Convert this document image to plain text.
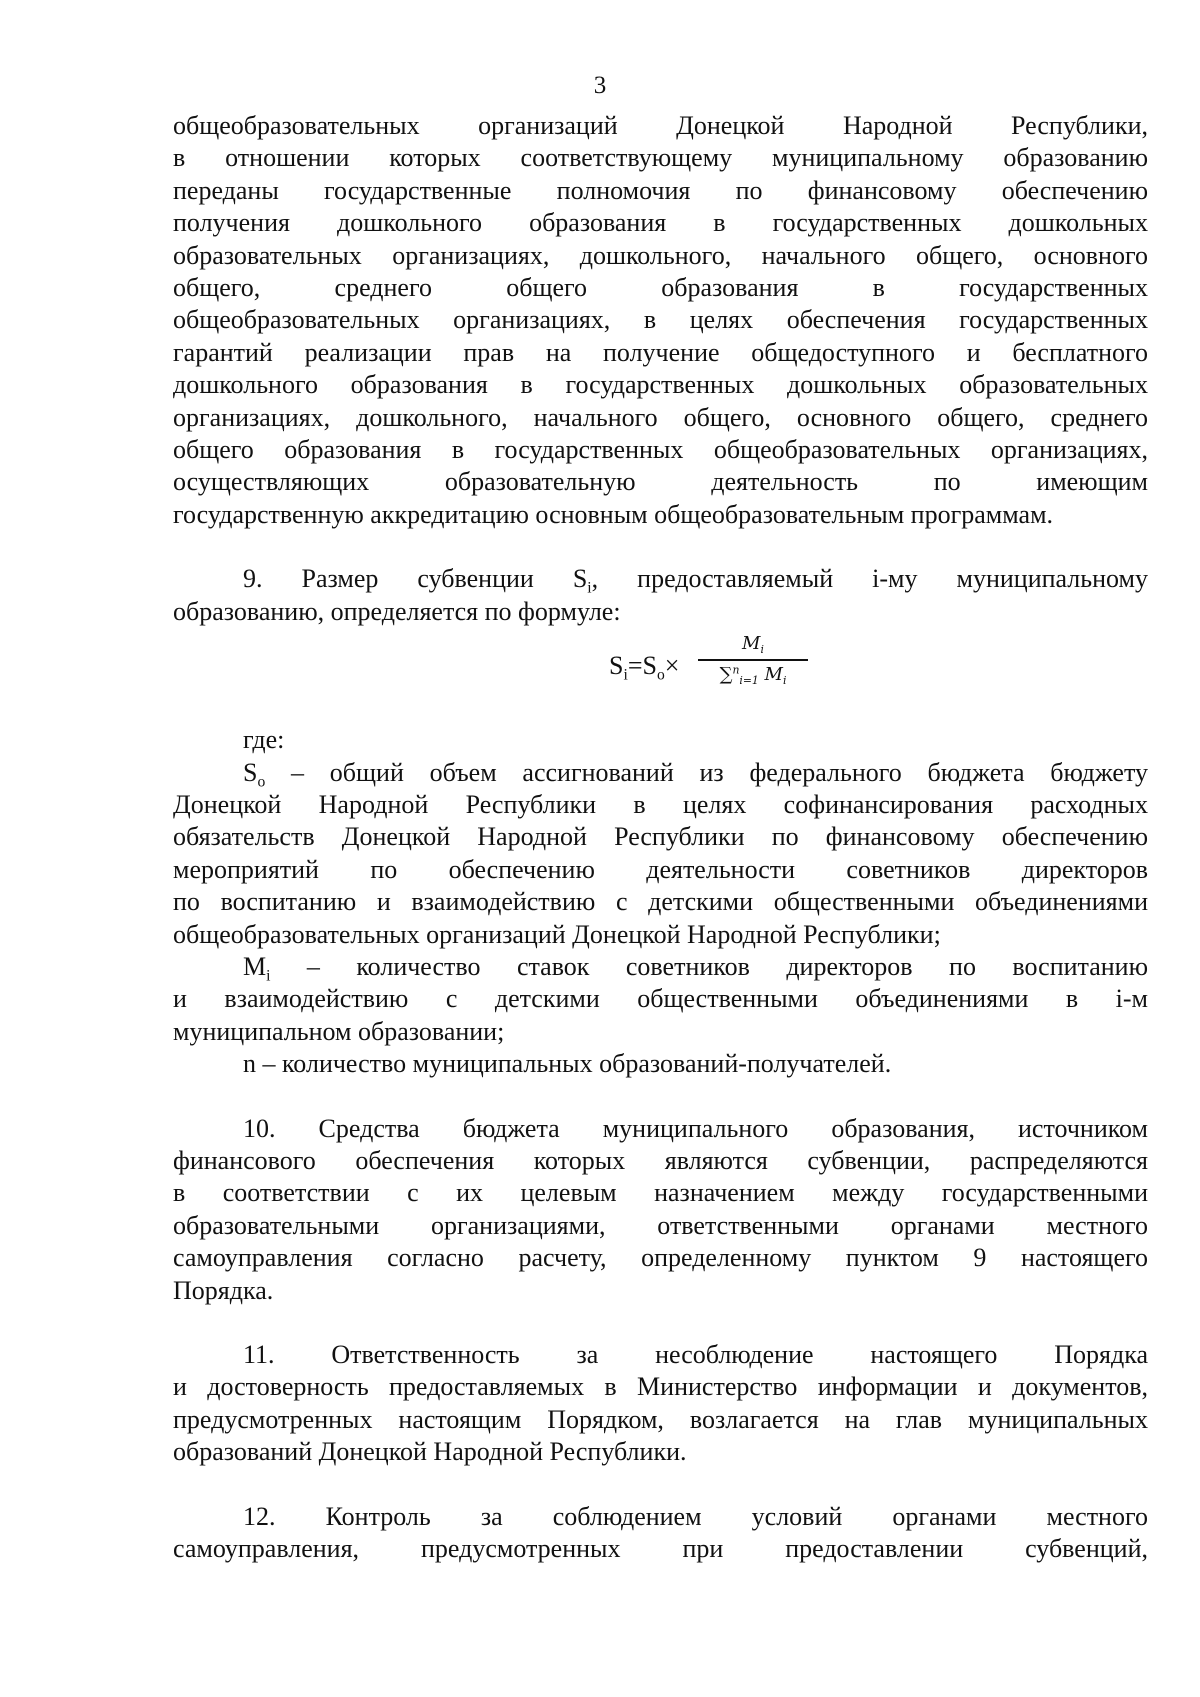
3
общеобразовательных организаций Донецкой Народной Республики,
в отношении которых соответствующему муниципальному образованию
переданы государственные полномочия по финансовому обеспечению
получения дошкольного образования в государственных дошкольных
образовательных организациях, дошкольного, начального общего, основного
общего, среднего общего образования в государственных
общеобразовательных организациях, в целях обеспечения государственных
гарантий реализации прав на получение общедоступного и бесплатного
дошкольного образования в государственных дошкольных образовательных
организациях, дошкольного, начального общего, основного общего, среднего
общего образования в государственных общеобразовательных организациях,
осуществляющих образовательную деятельность по имеющим
государственную аккредитацию основным общеобразовательным программам.
9. Размер субвенции $S_i$, предоставляемый i-му муниципальному
образованию, определяется по формуле:
$S_i=S_o\times$
$M_i$
∑$^n_{i=1}$ $M_i$
где:
$S_o$ – общий объем ассигнований из федерального бюджета бюджету
Донецкой Народной Республики в целях софинансирования расходных
обязательств Донецкой Народной Республики по финансовому обеспечению
мероприятий по обеспечению деятельности советников директоров
по воспитанию и взаимодействию с детскими общественными объединениями
общеобразовательных организаций Донецкой Народной Республики;
$M_i$ – количество ставок советников директоров по воспитанию
и взаимодействию с детскими общественными объединениями в i-м
муниципальном образовании;
n – количество муниципальных образований-получателей.
10. Средства бюджета муниципального образования, источником
финансового обеспечения которых являются субвенции, распределяются
в соответствии с их целевым назначением между государственными
образовательными организациями, ответственными органами местного
самоуправления согласно расчету, определенному пунктом 9 настоящего
Порядка.
11. Ответственность за несоблюдение настоящего Порядка
и достоверность предоставляемых в Министерство информации и документов,
предусмотренных настоящим Порядком, возлагается на глав муниципальных
образований Донецкой Народной Республики.
12. Контроль за соблюдением условий органами местного
самоуправления, предусмотренных при предоставлении субвенций,
